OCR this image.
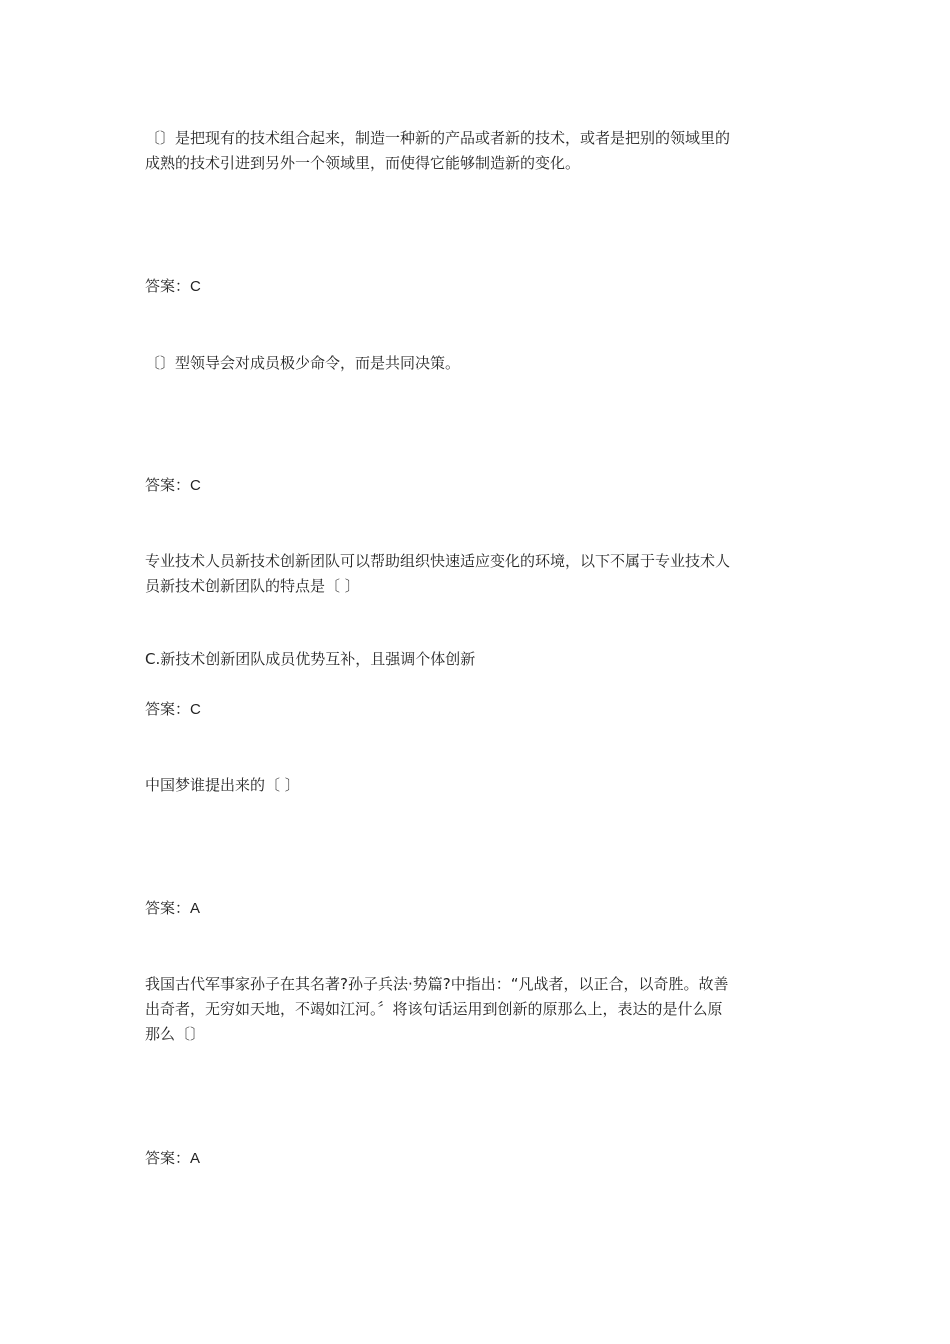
〔〕是把现有的技术组合起来，制造一种新的产品或者新的技术，或者是把别的领域里的
成熟的技术引进到另外一个领域里，而使得它能够制造新的变化。
答案：C
〔〕型领导会对成员极少命令，而是共同决策。
答案：C
专业技术人员新技术创新团队可以帮助组织快速适应变化的环境，以下不属于专业技术人
员新技术创新团队的特点是〔 〕
C.新技术创新团队成员优势互补，且强调个体创新
答案：C
中国梦谁提出来的〔 〕
答案：A
我国古代军事家孙子在其名著?孙子兵法·势篇?中指出：“凡战者，以正合，以奇胜。故善
出奇者，无穷如天地，不竭如江河。〞将该句话运用到创新的原那么上，表达的是什么原
那么〔〕
答案：A
